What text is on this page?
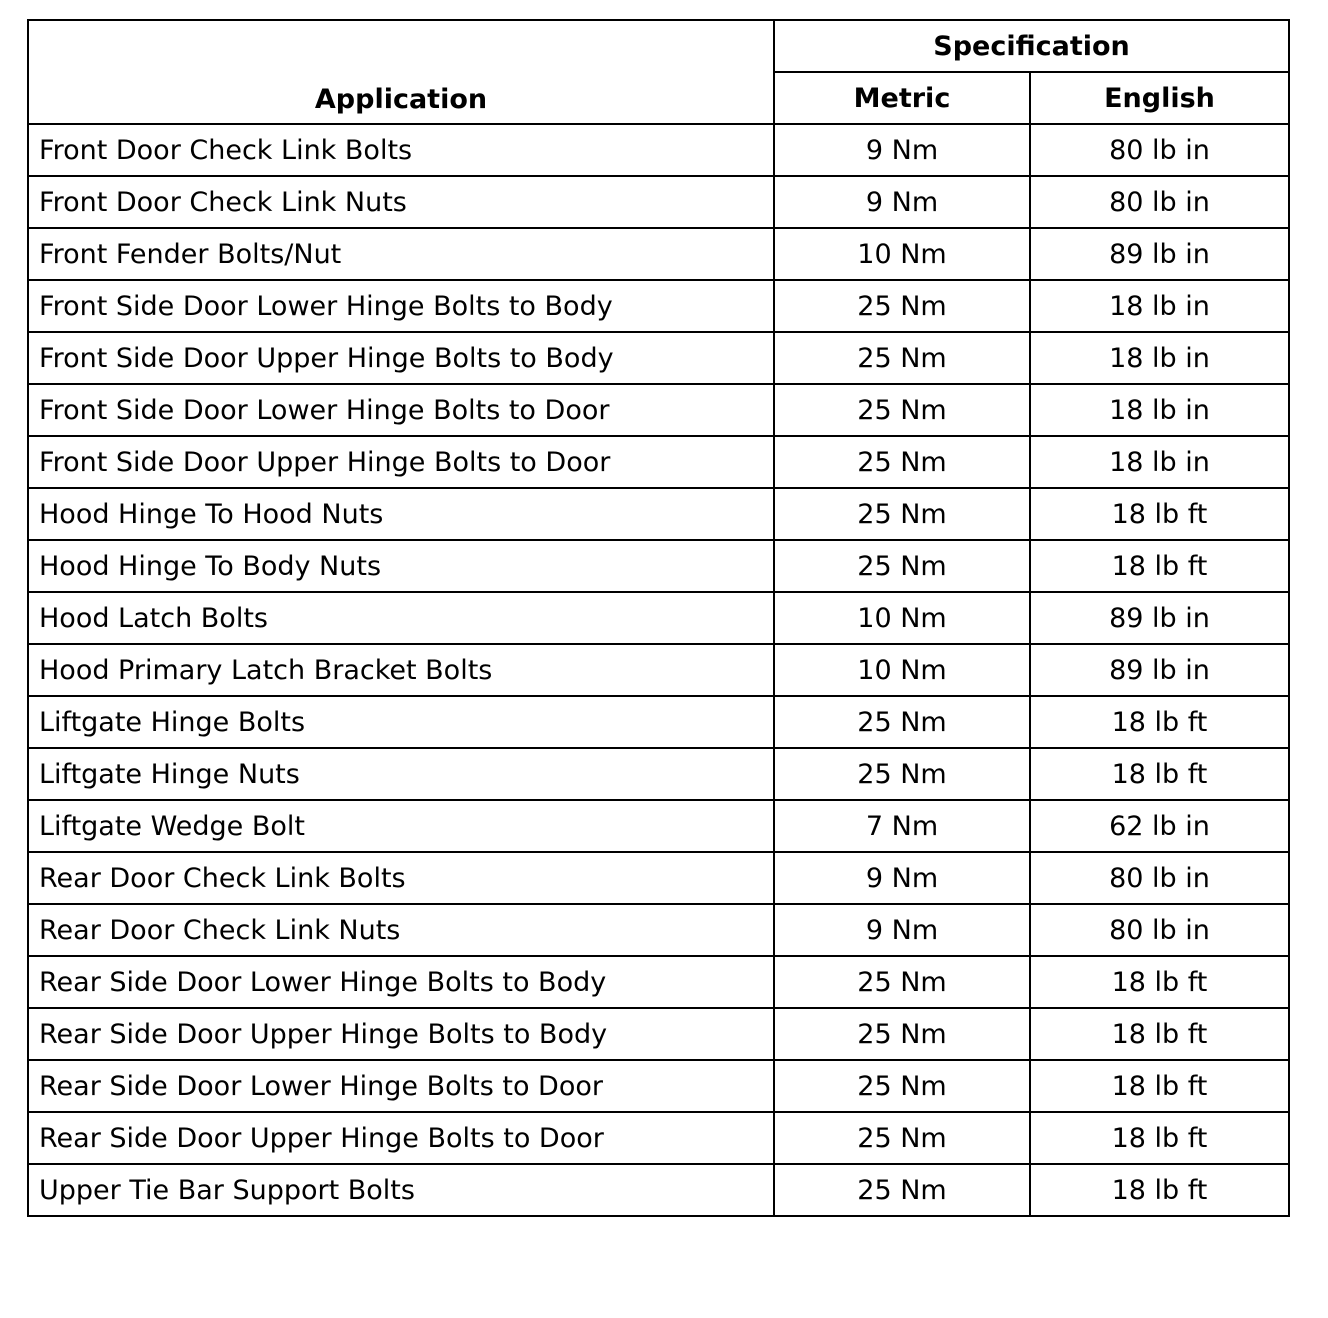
Application	Specification	
	Metric	English
Front Door Check Link Bolts	9 Nm	80 lb in
Front Door Check Link Nuts	9 Nm	80 lb in
Front Fender Bolts/Nut	10 Nm	89 lb in
Front Side Door Lower Hinge Bolts to Body	25 Nm	18 lb in
Front Side Door Upper Hinge Bolts to Body	25 Nm	18 lb in
Front Side Door Lower Hinge Bolts to Door	25 Nm	18 lb in
Front Side Door Upper Hinge Bolts to Door	25 Nm	18 lb in
Hood Hinge To Hood Nuts	25 Nm	18 lb ft
Hood Hinge To Body Nuts	25 Nm	18 lb ft
Hood Latch Bolts	10 Nm	89 lb in
Hood Primary Latch Bracket Bolts	10 Nm	89 lb in
Liftgate Hinge Bolts	25 Nm	18 lb ft
Liftgate Hinge Nuts	25 Nm	18 lb ft
Liftgate Wedge Bolt	7 Nm	62 lb in
Rear Door Check Link Bolts	9 Nm	80 lb in
Rear Door Check Link Nuts	9 Nm	80 lb in
Rear Side Door Lower Hinge Bolts to Body	25 Nm	18 lb ft
Rear Side Door Upper Hinge Bolts to Body	25 Nm	18 lb ft
Rear Side Door Lower Hinge Bolts to Door	25 Nm	18 lb ft
Rear Side Door Upper Hinge Bolts to Door	25 Nm	18 lb ft
Upper Tie Bar Support Bolts	25 Nm	18 lb ft
